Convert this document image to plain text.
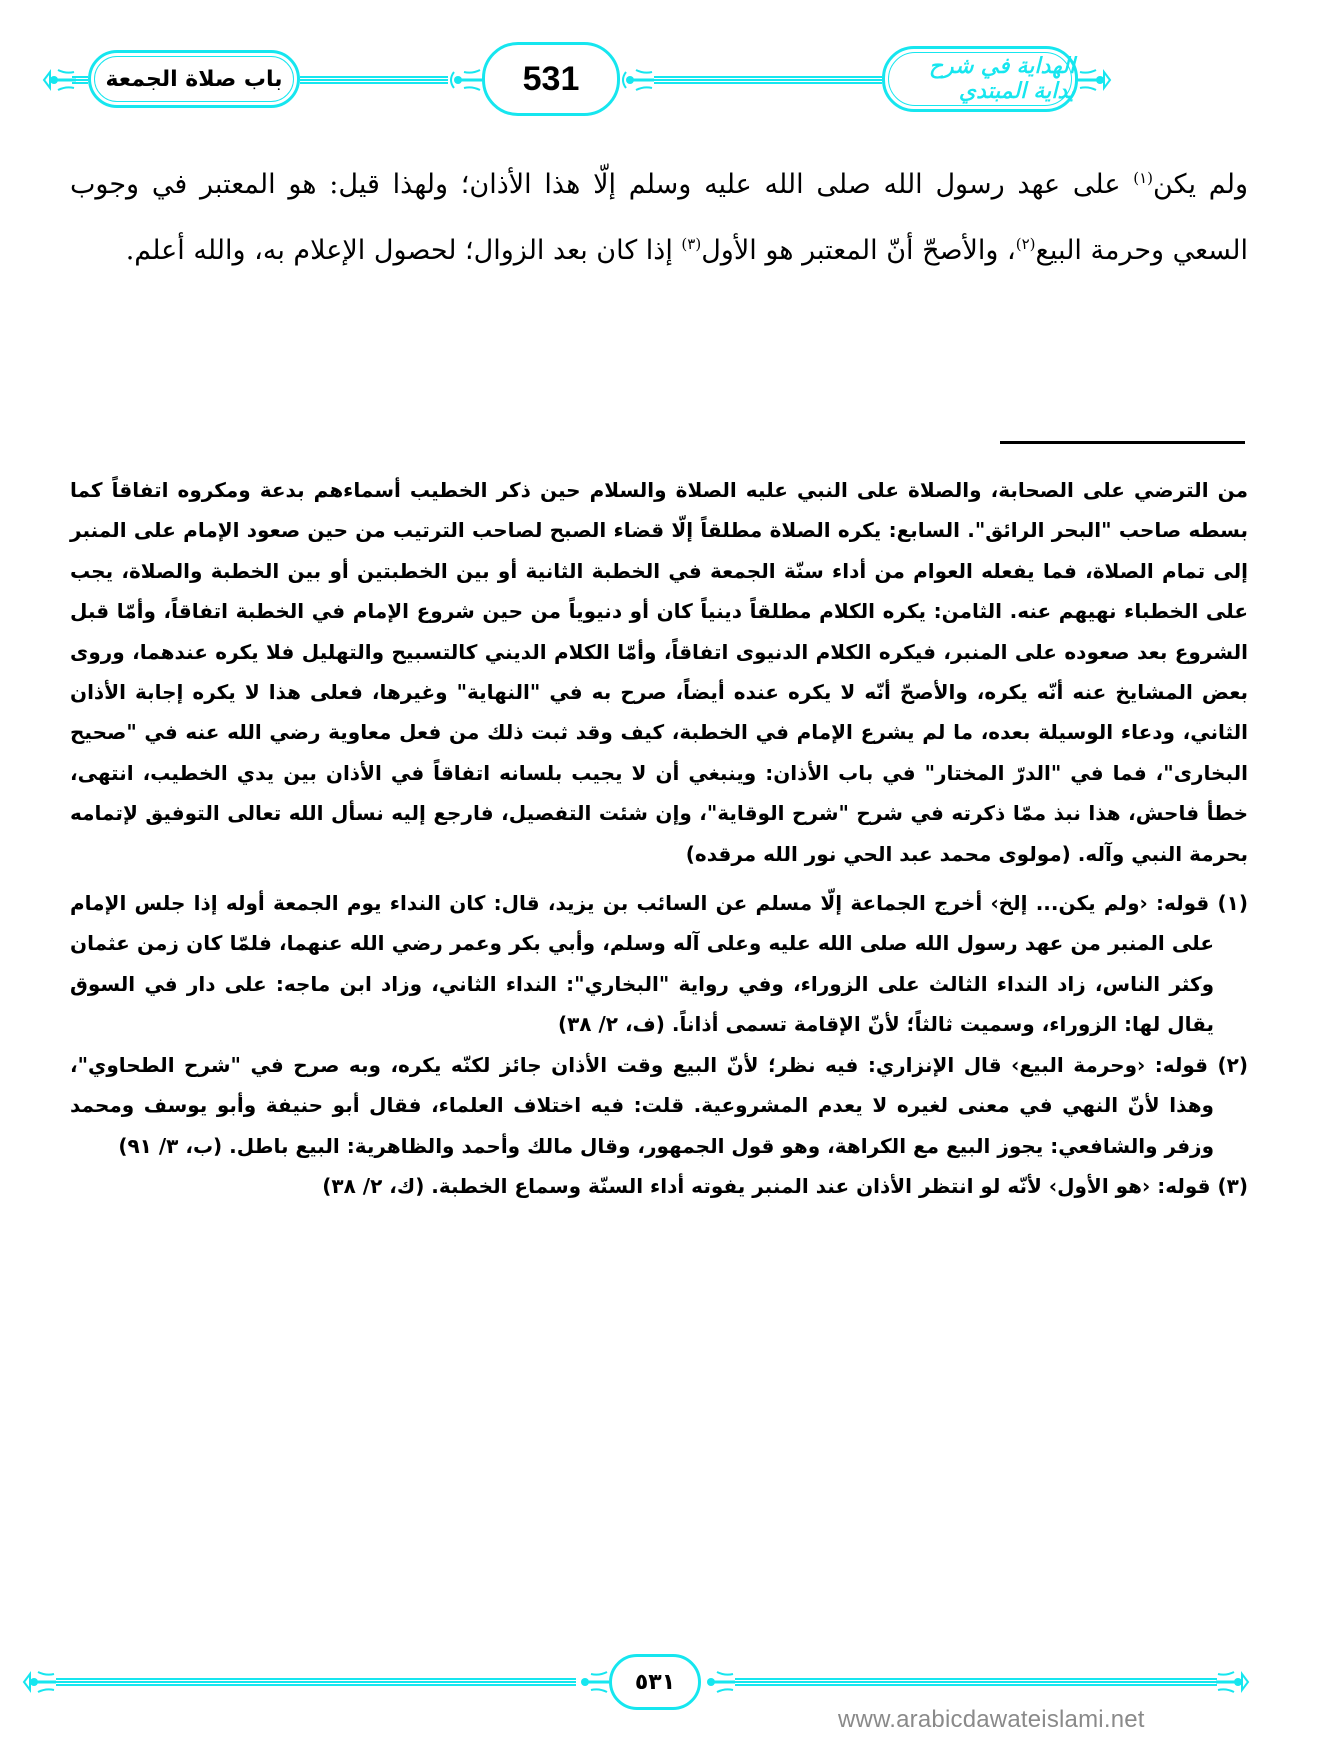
باب صلاة الجمعة	531	الهداية في شرح بداية المبتدي

ولم يكن$^{(١)}$ على عهد رسول الله صلى الله عليه وسلم إلّا هذا الأذان؛ ولهذا قيل: هو المعتبر في وجوب السعي وحرمة البيع$^{(٢)}$، والأصحّ أنّ المعتبر هو الأول$^{(٣)}$ إذا كان بعد الزوال؛ لحصول الإعلام به، والله أعلم.

من الترضي على الصحابة، والصلاة على النبي عليه الصلاة والسلام حين ذكر الخطيب أسماءهم بدعة ومكروه اتفاقاً كما بسطه صاحب "البحر الرائق". السابع: يكره الصلاة مطلقاً إلّا قضاء الصبح لصاحب الترتيب من حين صعود الإمام على المنبر إلى تمام الصلاة، فما يفعله العوام من أداء سنّة الجمعة في الخطبة الثانية أو بين الخطبتين أو بين الخطبة والصلاة، يجب على الخطباء نهيهم عنه. الثامن: يكره الكلام مطلقاً دينياً كان أو دنيوياً من حين شروع الإمام في الخطبة اتفاقاً، وأمّا قبل الشروع بعد صعوده على المنبر، فيكره الكلام الدنيوى اتفاقاً، وأمّا الكلام الديني كالتسبيح والتهليل فلا يكره عندهما، وروى بعض المشايخ عنه أنّه يكره، والأصحّ أنّه لا يكره عنده أيضاً، صرح به في "النهاية" وغيرها، فعلى هذا لا يكره إجابة الأذان الثاني، ودعاء الوسيلة بعده، ما لم يشرع الإمام في الخطبة، كيف وقد ثبت ذلك من فعل معاوية رضي الله عنه في "صحيح البخارى"، فما في "الدرّ المختار" في باب الأذان: وينبغي أن لا يجيب بلسانه اتفاقاً في الأذان بين يدي الخطيب، انتهى، خطأ فاحش، هذا نبذ ممّا ذكرته في شرح "شرح الوقاية"، وإن شئت التفصيل، فارجع إليه نسأل الله تعالى التوفيق لإتمامه بحرمة النبي وآله. (مولوى محمد عبد الحي نور الله مرقده)

(١) قوله: ‹ولم يكن... إلخ› أخرج الجماعة إلّا مسلم عن السائب بن يزيد، قال: كان النداء يوم الجمعة أوله إذا جلس الإمام على المنبر من عهد رسول الله صلى الله عليه وعلى آله وسلم، وأبي بكر وعمر رضي الله عنهما، فلمّا كان زمن عثمان وكثر الناس، زاد النداء الثالث على الزوراء، وفي رواية "البخاري": النداء الثاني، وزاد ابن ماجه: على دار في السوق يقال لها: الزوراء، وسميت ثالثاً؛ لأنّ الإقامة تسمى أذاناً. (ف، ٢/ ٣٨)

(٢) قوله: ‹وحرمة البيع› قال الإنزاري: فيه نظر؛ لأنّ البيع وقت الأذان جائز لكنّه يكره، وبه صرح في "شرح الطحاوي"، وهذا لأنّ النهي في معنى لغيره لا يعدم المشروعية. قلت: فيه اختلاف العلماء، فقال أبو حنيفة وأبو يوسف ومحمد وزفر والشافعي: يجوز البيع مع الكراهة، وهو قول الجمهور، وقال مالك وأحمد والظاهرية: البيع باطل. (ب، ٣/ ٩١)

(٣) قوله: ‹هو الأول› لأنّه لو انتظر الأذان عند المنبر يفوته أداء السنّة وسماع الخطبة. (ك، ٢/ ٣٨)

٥٣١
www.arabicdawateislami.net
